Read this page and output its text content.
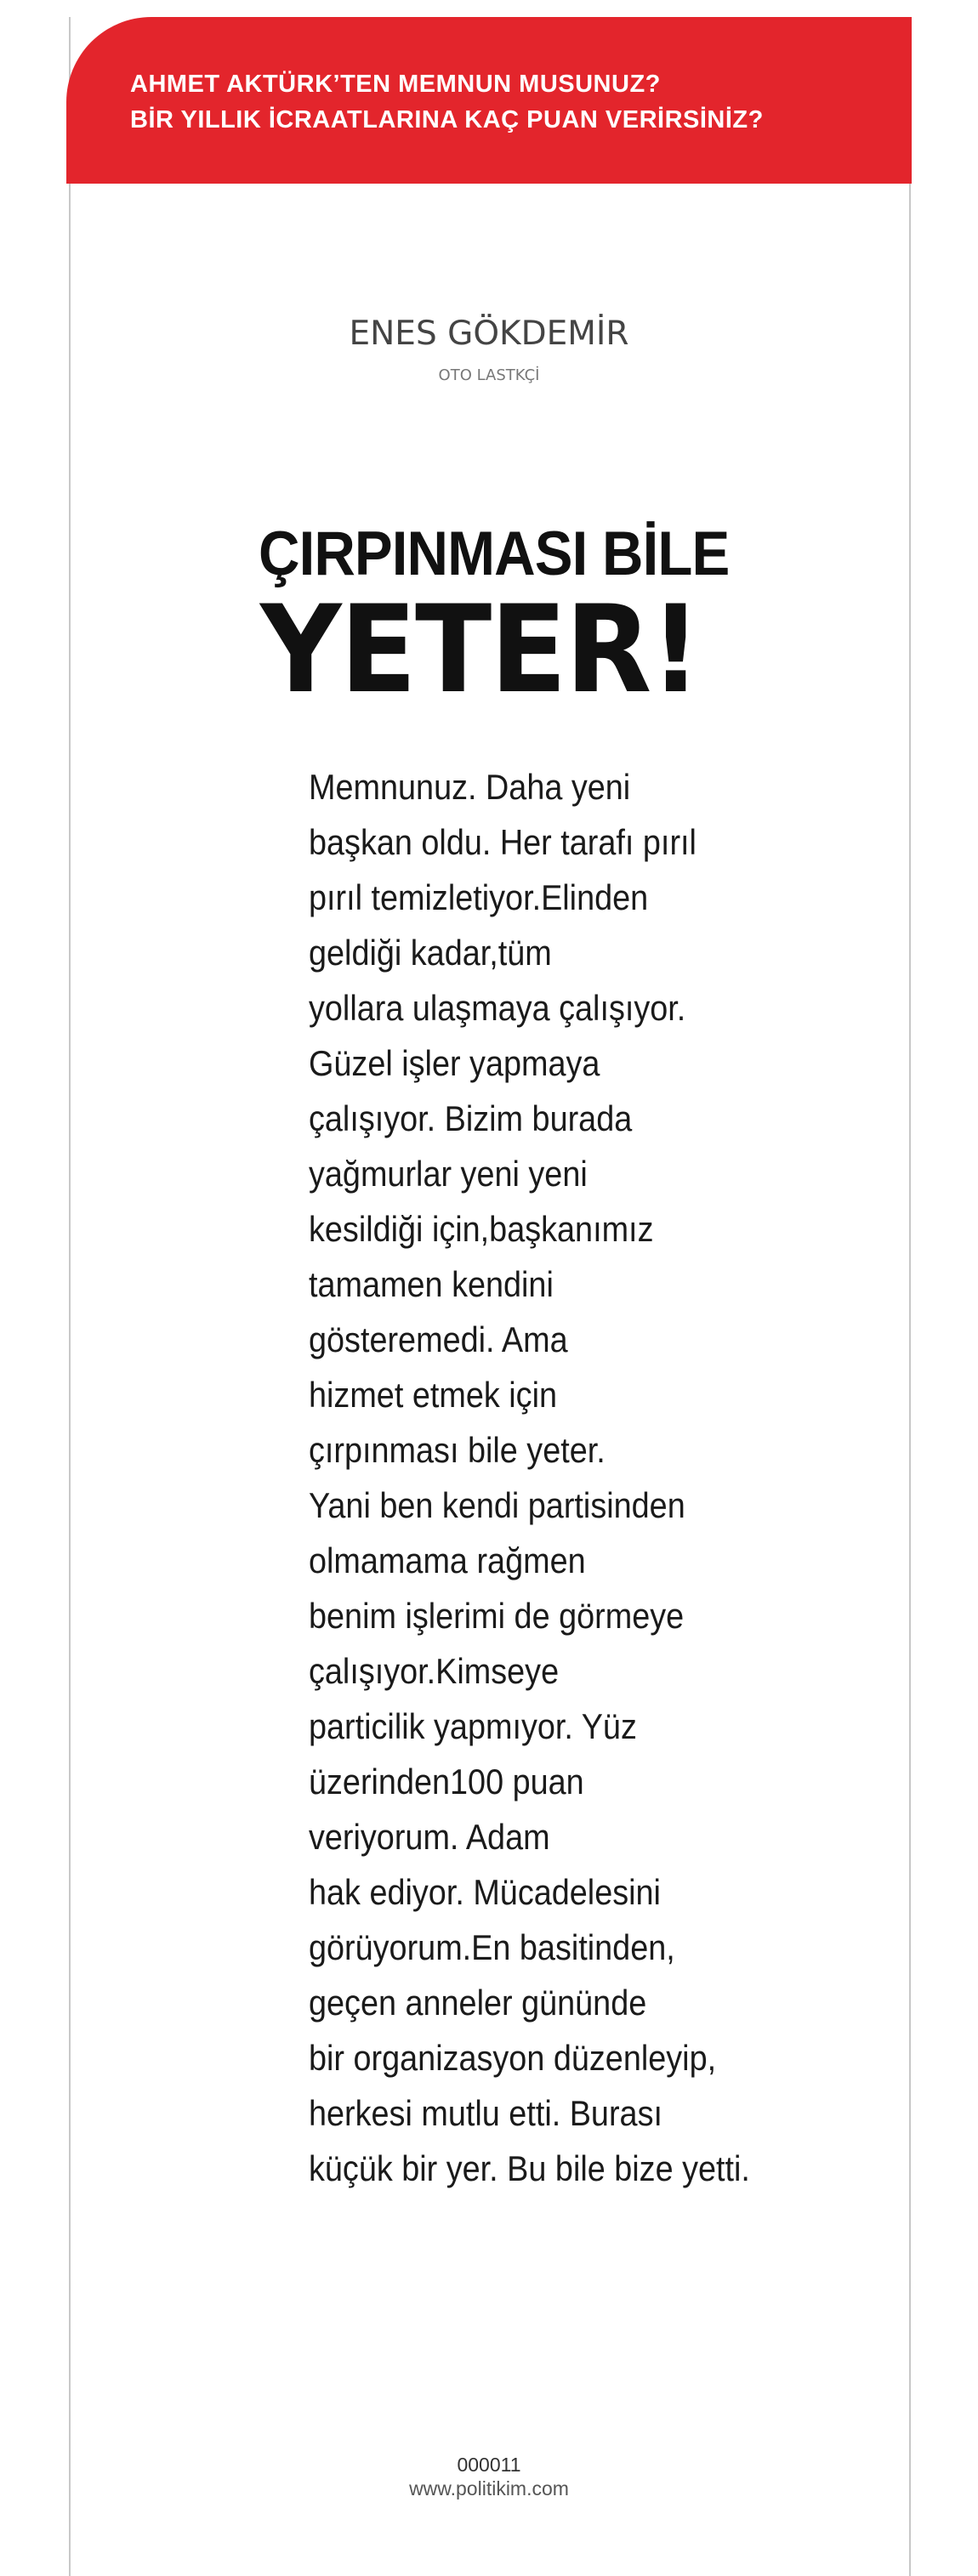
AHMET AKTÜRK’TEN MEMNUN MUSUNUZ?
BİR YILLIK İCRAATLARINA KAÇ PUAN VERİRSİNİZ?
ENES GÖKDEMİR
OTO LASTKÇİ
ÇIRPINMASI BİLE
YETER!
Memnunuz. Daha yeni
başkan oldu. Her tarafı pırıl
pırıl temizletiyor.Elinden
geldiği kadar,tüm
yollara ulaşmaya çalışıyor.
Güzel işler yapmaya
çalışıyor. Bizim burada
yağmurlar yeni yeni
kesildiği için,başkanımız
tamamen kendini
gösteremedi. Ama
hizmet etmek için
çırpınması bile yeter.
Yani ben kendi partisinden
olmamama rağmen
benim işlerimi de görmeye
çalışıyor.Kimseye
particilik yapmıyor. Yüz
üzerinden100 puan
veriyorum. Adam
hak ediyor. Mücadelesini
görüyorum.En basitinden,
geçen anneler gününde
bir organizasyon düzenleyip,
herkesi mutlu etti. Burası
küçük bir yer. Bu bile bize yetti.
000011
www.politikim.com
